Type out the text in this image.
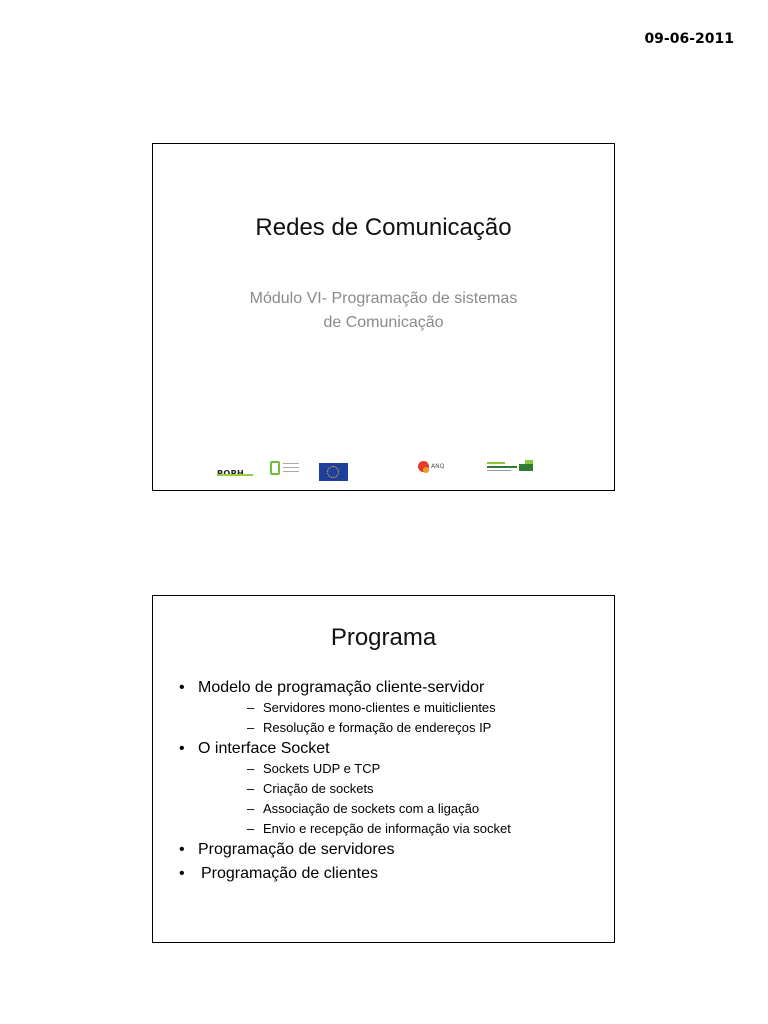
09-06-2011
Redes de Comunicação
Módulo VI- Programação de sistemas
de Comunicação
ANQ
Programa
• Modelo de programação cliente-servidor
– Servidores mono-clientes e muiticlientes
– Resolução e formação de endereços IP
• O interface Socket
– Sockets UDP e TCP
– Criação de sockets
– Associação de sockets com a ligação
– Envio e recepção de informação via socket
• Programação de servidores
• Programação de clientes
